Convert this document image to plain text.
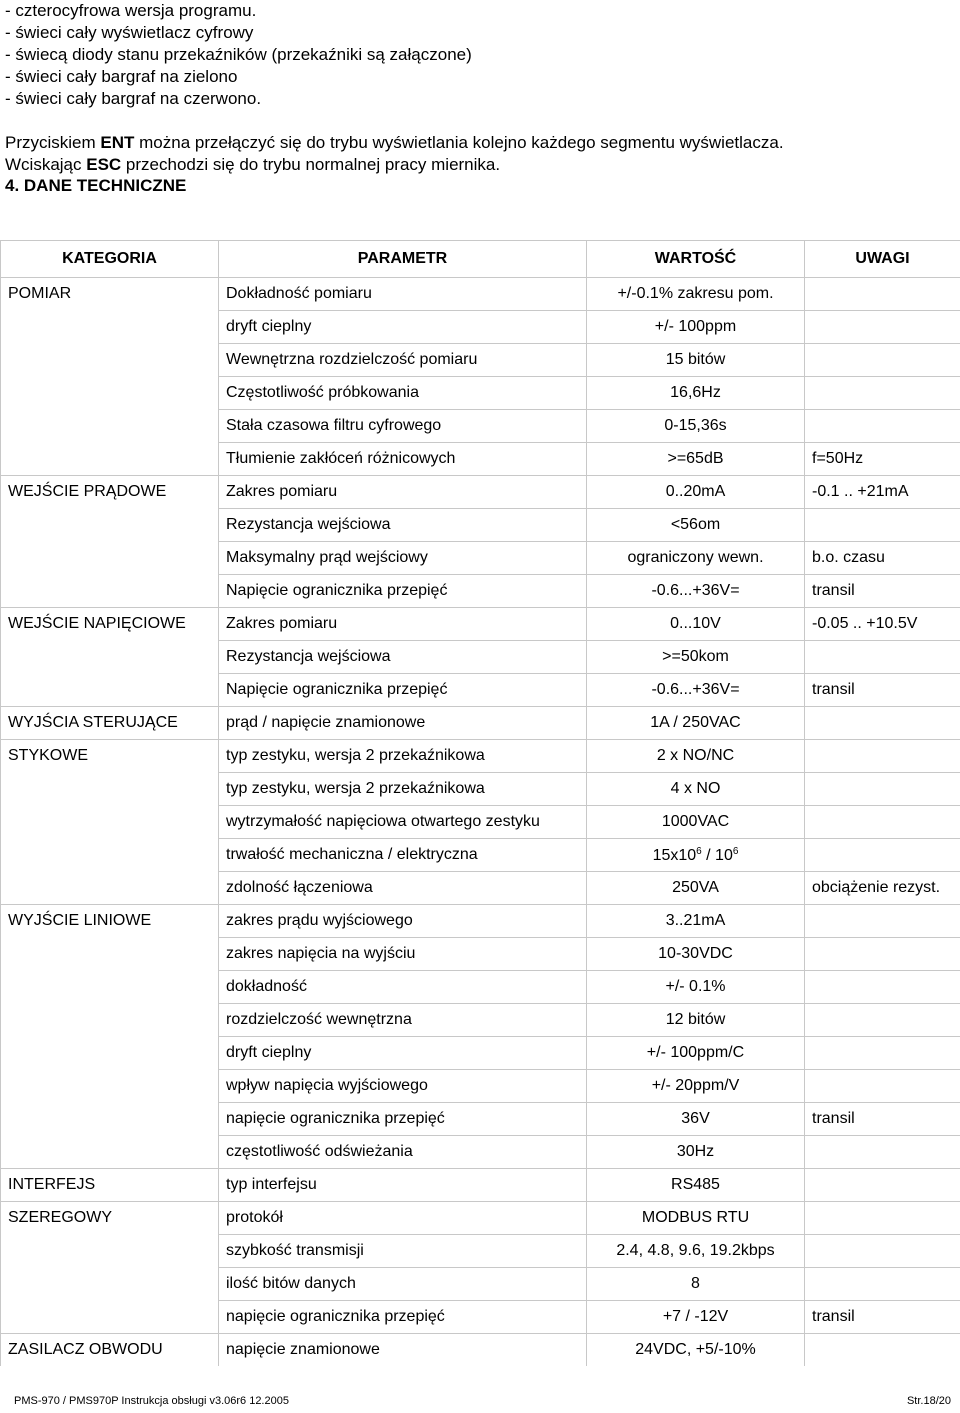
- czterocyfrowa wersja programu.
- świeci cały wyświetlacz cyfrowy
- świecą diody stanu przekaźników (przekaźniki są załączone)
- świeci cały bargraf na zielono
- świeci cały bargraf na czerwono.
Przyciskiem ENT można przełączyć się do trybu wyświetlania kolejno każdego segmentu wyświetlacza.
Wciskając ESC przechodzi się do trybu normalnej pracy miernika.
4. DANE TECHNICZNE
KATEGORIA	PARAMETR	WARTOŚĆ	UWAGI
POMIAR	Dokładność pomiaru	+/-0.1% zakresu pom.	
	dryft cieplny	+/- 100ppm	
	Wewnętrzna rozdzielczość pomiaru	15 bitów	
	Częstotliwość próbkowania	16,6Hz	
	Stała czasowa filtru cyfrowego	0-15,36s	
	Tłumienie zakłóceń różnicowych	>=65dB	f=50Hz
WEJŚCIE PRĄDOWE	Zakres pomiaru	0..20mA	-0.1 .. +21mA
	Rezystancja wejściowa	<56om	
	Maksymalny prąd wejściowy	ograniczony wewn.	b.o. czasu
	Napięcie ogranicznika przepięć	-0.6...+36V=	transil
WEJŚCIE NAPIĘCIOWE	Zakres pomiaru	0...10V	-0.05 .. +10.5V
	Rezystancja wejściowa	>=50kom	
	Napięcie ogranicznika przepięć	-0.6...+36V=	transil
WYJŚCIA STERUJĄCE	prąd / napięcie znamionowe	1A / 250VAC	
STYKOWE	typ zestyku, wersja 2 przekaźnikowa	2 x NO/NC	
	typ zestyku, wersja 2 przekaźnikowa	4 x NO	
	wytrzymałość napięciowa otwartego zestyku	1000VAC	
	trwałość mechaniczna / elektryczna	$15x10^6 / 10^6$	
	zdolność łączeniowa	250VA	obciążenie rezyst.
WYJŚCIE LINIOWE	zakres prądu wyjściowego	3..21mA	
	zakres napięcia na wyjściu	10-30VDC	
	dokładność	+/- 0.1%	
	rozdzielczość wewnętrzna	12 bitów	
	dryft cieplny	+/- 100ppm/C	
	wpływ napięcia wyjściowego	+/- 20ppm/V	
	napięcie ogranicznika przepięć	36V	transil
	częstotliwość odświeżania	30Hz	
INTERFEJS	typ interfejsu	RS485	
SZEREGOWY	protokół	MODBUS RTU	
	szybkość transmisji	2.4, 4.8, 9.6, 19.2kbps	
	ilość bitów danych	8	
	napięcie ogranicznika przepięć	+7 / -12V	transil
ZASILACZ OBWODU	napięcie znamionowe	24VDC, +5/-10%	
PMS-970 / PMS970P Instrukcja obsługi v3.06r6 12.2005	Str.18/20
